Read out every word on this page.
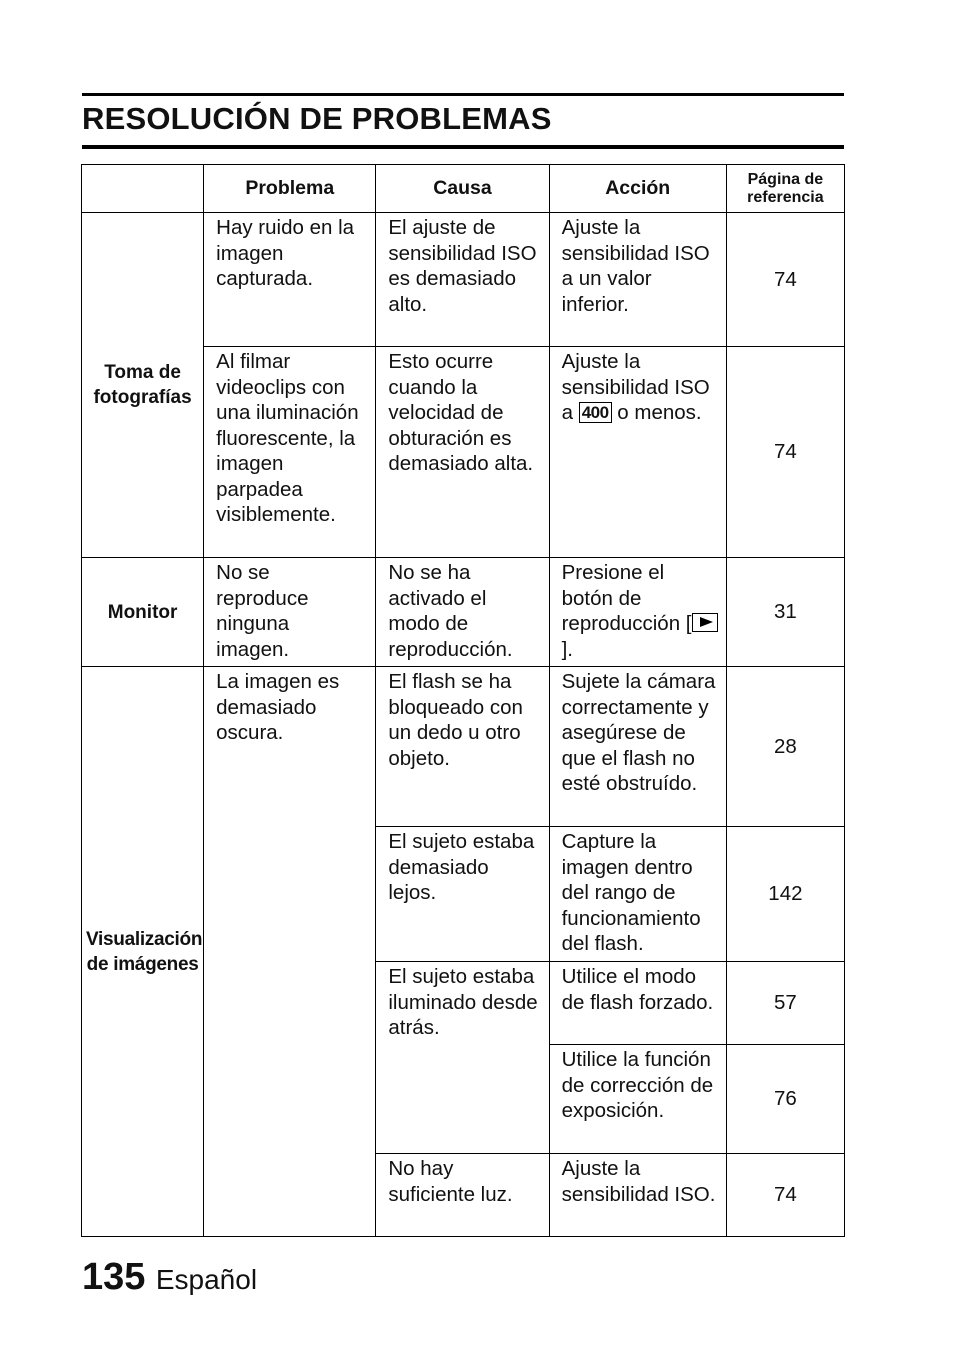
RESOLUCIÓN DE PROBLEMAS
	Problema	Causa	Acción	Página de referencia
Toma de fotografías	Hay ruido en la imagen capturada.	El ajuste de sensibilidad ISO es demasiado alto.	Ajuste la sensibilidad ISO a un valor inferior.	74
	Al filmar videoclips con una iluminación fluorescente, la imagen parpadea visiblemente.	Esto ocurre cuando la velocidad de obturación es demasiado alta.	Ajuste la sensibilidad ISO a 400 o menos.	74
Monitor	No se reproduce ninguna imagen.	No se ha activado el modo de reproducción.	Presione el botón de reproducción [].	31
Visualización de imágenes	La imagen es demasiado oscura.	El flash se ha bloqueado con un dedo u otro objeto.	Sujete la cámara correctamente y asegúrese de que el flash no esté obstruído.	28
		El sujeto estaba demasiado lejos.	Capture la imagen dentro del rango de funcionamiento del flash.	142
		El sujeto estaba iluminado desde atrás.	Utilice el modo de flash forzado.	57
			Utilice la función de corrección de exposición.	76
		No hay suficiente luz.	Ajuste la sensibilidad ISO.	74
135 Español
